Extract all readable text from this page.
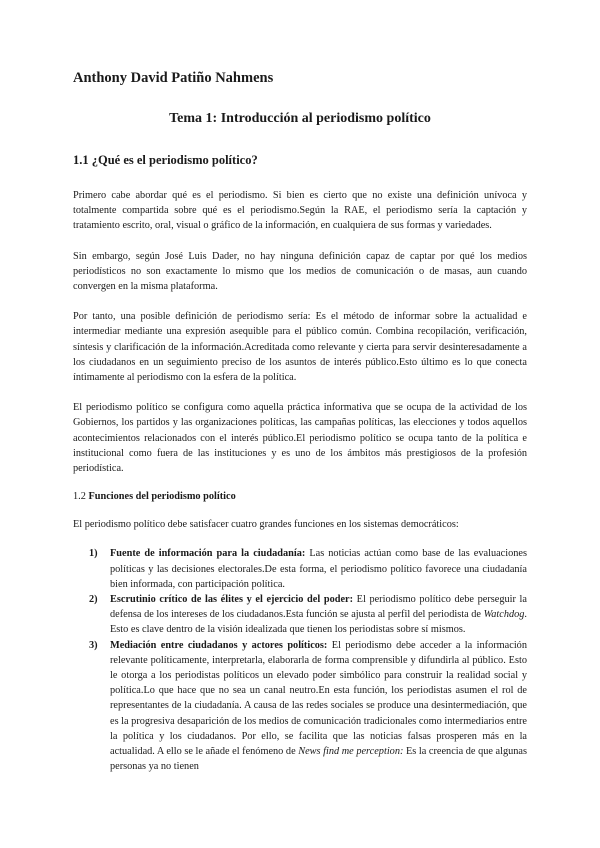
Anthony David Patiño Nahmens
Tema 1: Introducción al periodismo político
1.1 ¿Qué es el periodismo político?

Primero cabe abordar qué es el periodismo. Si bien es cierto que no existe una definición unívoca y totalmente compartida sobre qué es el periodismo.Según la RAE, el periodismo sería la captación y tratamiento escrito, oral, visual o gráfico de la información, en cualquiera de sus formas y variedades.

Sin embargo, según José Luis Dader, no hay ninguna definición capaz de captar por qué los medios periodísticos no son exactamente lo mismo que los medios de comunicación o de masas, aun cuando convergen en la misma plataforma.

Por tanto, una posible definición de periodismo sería: Es el método de informar sobre la actualidad e intermediar mediante una expresión asequible para el público común. Combina recopilación, verificación, síntesis y clarificación de la información.Acreditada como relevante y cierta para servir desinteresadamente a los ciudadanos en un seguimiento preciso de los asuntos de interés público.Esto último es lo que conecta íntimamente al periodismo con la esfera de la política.

El periodismo político se configura como aquella práctica informativa que se ocupa de la actividad de los Gobiernos, los partidos y las organizaciones políticas, las campañas políticas, las elecciones y todos aquellos acontecimientos relacionados con el interés público.El periodismo político se ocupa tanto de la política e institucional como fuera de las instituciones y es uno de los ámbitos más prestigiosos de la profesión periodística.

1.2 Funciones del periodismo político

El periodismo político debe satisfacer cuatro grandes funciones en los sistemas democráticos:

1) Fuente de información para la ciudadanía: Las noticias actúan como base de las evaluaciones políticas y las decisiones electorales.De esta forma, el periodismo político favorece una ciudadanía bien informada, con participación política.
2) Escrutinio crítico de las élites y el ejercicio del poder: El periodismo político debe perseguir la defensa de los intereses de los ciudadanos.Esta función se ajusta al perfil del periodista de Watchdog. Esto es clave dentro de la visión idealizada que tienen los periodistas sobre sí mismos.
3) Mediación entre ciudadanos y actores políticos: El periodismo debe acceder a la información relevante políticamente, interpretarla, elaborarla de forma comprensible y difundirla al público. Esto le otorga a los periodistas políticos un elevado poder simbólico para construir la realidad social y política.Lo que hace que no sea un canal neutro.En esta función, los periodistas asumen el rol de representantes de la ciudadanía. A causa de las redes sociales se produce una desintermediación, que es la progresiva desaparición de los medios de comunicación tradicionales como intermediarios entre la política y los ciudadanos. Por ello, se facilita que las noticias falsas prosperen más en la actualidad. A ello se le añade el fenómeno de News find me perception: Es la creencia de que algunas personas ya no tienen
